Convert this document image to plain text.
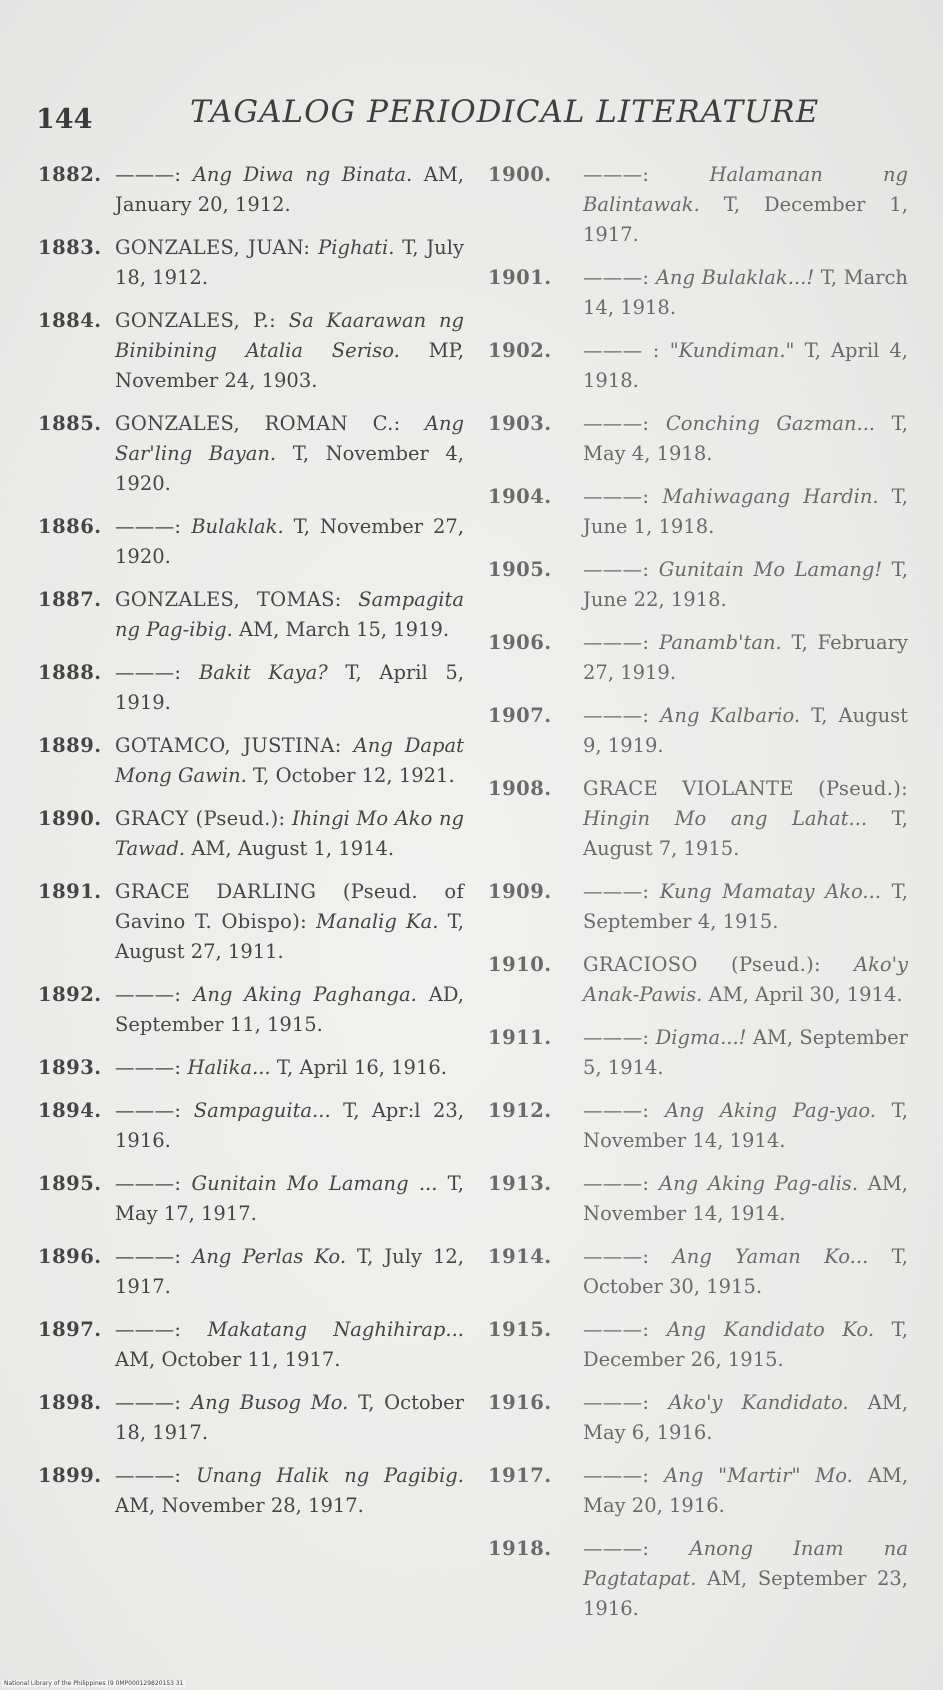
144	TAGALOG PERIODICAL LITERATURE
1882. ———: Ang Diwa ng Binata. AM, January 20, 1912.
1883. GONZALES, JUAN: Pighati. T, July 18, 1912.
1884. GONZALES, P.: Sa Kaarawan ng Binibining Atalia Seriso. MP, November 24, 1903.
1885. GONZALES, ROMAN C.: Ang Sar'ling Bayan. T, November 4, 1920.
1886. ———: Bulaklak. T, November 27, 1920.
1887. GONZALES, TOMAS: Sampagita ng Pag-ibig. AM, March 15, 1919.
1888. ———: Bakit Kaya? T, April 5, 1919.
1889. GOTAMCO, JUSTINA: Ang Dapat Mong Gawin. T, October 12, 1921.
1890. GRACY (Pseud.): Ihingi Mo Ako ng Tawad. AM, August 1, 1914.
1891. GRACE DARLING (Pseud. of Gavino T. Obispo): Manalig Ka. T, August 27, 1911.
1892. ———: Ang Aking Paghanga. AD, September 11, 1915.
1893. ———: Halika... T, April 16, 1916.
1894. ———: Sampaguita... T, Apr:l 23, 1916.
1895. ———: Gunitain Mo Lamang ... T, May 17, 1917.
1896. ———: Ang Perlas Ko. T, July 12, 1917.
1897. ———: Makatang Naghihirap... AM, October 11, 1917.
1898. ———: Ang Busog Mo. T, October 18, 1917.
1899. ———: Unang Halik ng Pagibig. AM, November 28, 1917.
1900. ———:	Halamanan ng Balintawak. T, December 1, 1917.
1901. ———: Ang Bulaklak...! T, March 14, 1918.
1902. ——— : "Kundiman." T, April 4, 1918.
1903. ———: Conching Gazman... T, May 4, 1918.
1904. ———: Mahiwagang Hardin. T, June 1, 1918.
1905. ———: Gunitain Mo Lamang! T, June 22, 1918.
1906. ———: Panamb'tan. T, February 27, 1919.
1907. ———: Ang Kalbario. T, August 9, 1919.
1908. GRACE VIOLANTE (Pseud.): Hingin Mo ang Lahat... T, August 7, 1915.
1909. ———: Kung Mamatay Ako... T, September 4, 1915.
1910. GRACIOSO (Pseud.): Ako'y Anak-Pawis. AM, April 30, 1914.
1911. ———: Digma...! AM, September 5, 1914.
1912. ———: Ang Aking Pag-yao. T, November 14, 1914.
1913. ———: Ang Aking Pag-alis. AM, November 14, 1914.
1914. ———: Ang Yaman Ko... T, October 30, 1915.
1915. ———: Ang Kandidato Ko. T, December 26, 1915.
1916. ———: Ako'y Kandidato. AM, May 6, 1916.
1917. ———: Ang "Martir" Mo. AM, May 20, 1916.
1918. ———: Anong Inam na Pagtatapat. AM, September 23, 1916.
National Library of the Philippines (9 0MP000129820153 31
